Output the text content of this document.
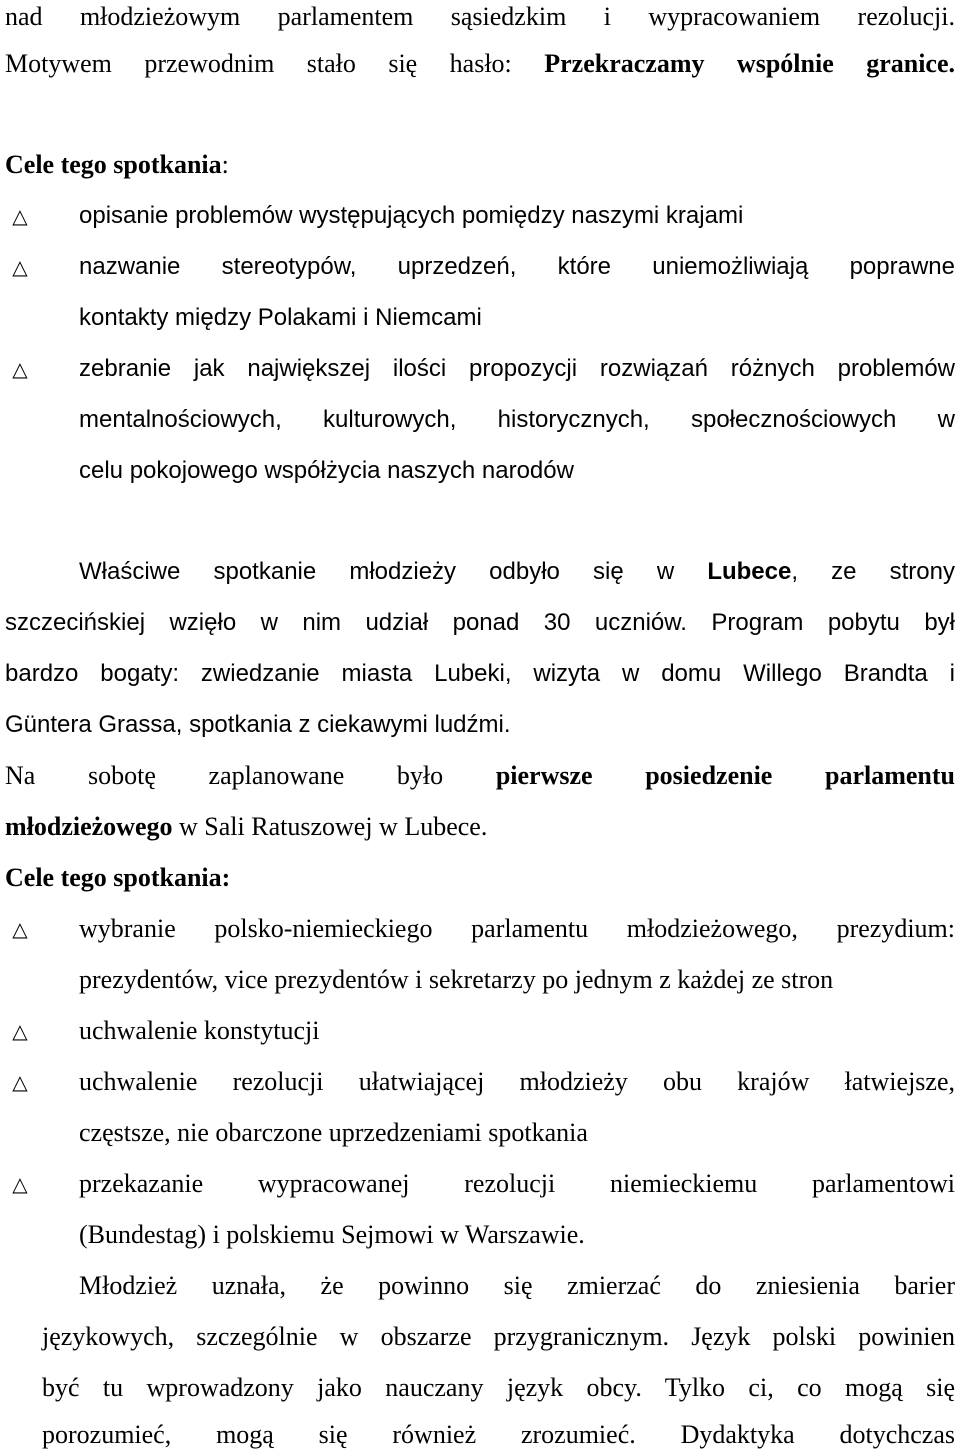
nad młodzieżowym parlamentem sąsiedzkim i wypracowaniem rezolucji.
Motywem przewodnim stało się hasło: Przekraczamy wspólnie granice.
Cele tego spotkania:
△ opisanie problemów występujących pomiędzy naszymi krajami
△ nazwanie stereotypów, uprzedzeń, które uniemożliwiają poprawne
kontakty między Polakami i Niemcami
△ zebranie jak największej ilości propozycji rozwiązań różnych problemów
mentalnościowych, kulturowych, historycznych, społecznościowych w
celu pokojowego współżycia naszych narodów
Właściwe spotkanie młodzieży odbyło się w Lubece, ze strony
szczecińskiej wzięło w nim udział ponad 30 uczniów. Program pobytu był
bardzo bogaty: zwiedzanie miasta Lubeki, wizyta w domu Willego Brandta i
Güntera Grassa, spotkania z ciekawymi ludźmi.
Na sobotę zaplanowane było pierwsze posiedzenie parlamentu
młodzieżowego w Sali Ratuszowej w Lubece.
Cele tego spotkania:
△ wybranie polsko-niemieckiego parlamentu młodzieżowego, prezydium:
prezydentów, vice prezydentów i sekretarzy po jednym z każdej ze stron
△ uchwalenie konstytucji
△ uchwalenie rezolucji ułatwiającej młodzieży obu krajów łatwiejsze,
częstsze, nie obarczone uprzedzeniami spotkania
△ przekazanie wypracowanej rezolucji niemieckiemu parlamentowi
(Bundestag) i polskiemu Sejmowi w Warszawie.
Młodzież uznała, że powinno się zmierzać do zniesienia barier
językowych, szczególnie w obszarze przygranicznym. Język polski powinien
być tu wprowadzony jako nauczany język obcy. Tylko ci, co mogą się
porozumieć, mogą się również zrozumieć. Dydaktyka dotychczas
